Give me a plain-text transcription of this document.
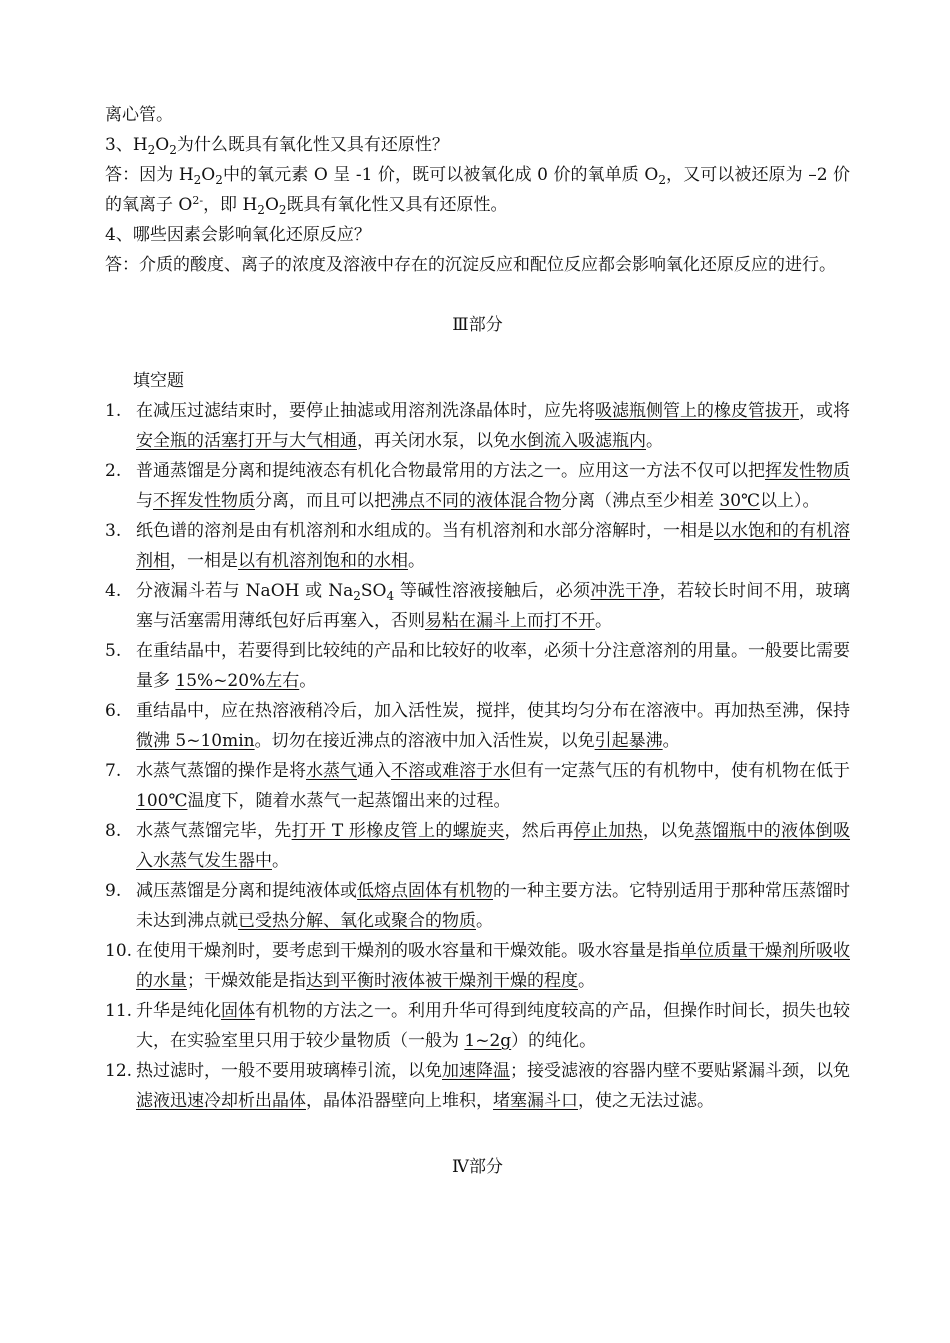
离心管。

3、$H_2O_2$为什么既具有氧化性又具有还原性？

答：因为 $H_2O_2$中的氧元素 O 呈 -1 价，既可以被氧化成 0 价的氧单质 $O_2$，又可以被还原为 –2 价的氧离子 $O^{2-}$，即 $H_2O_2$既具有氧化性又具有还原性。

4、哪些因素会影响氧化还原反应？

答：介质的酸度、离子的浓度及溶液中存在的沉淀反应和配位反应都会影响氧化还原反应的进行。

Ⅲ部分

填空题

1. 在减压过滤结束时，要停止抽滤或用溶剂洗涤晶体时，应先将吸滤瓶侧管上的橡皮管拔开，或将安全瓶的活塞打开与大气相通，再关闭水泵，以免水倒流入吸滤瓶内。
2. 普通蒸馏是分离和提纯液态有机化合物最常用的方法之一。应用这一方法不仅可以把挥发性物质与不挥发性物质分离，而且可以把沸点不同的液体混合物分离（沸点至少相差 30℃以上）。
3. 纸色谱的溶剂是由有机溶剂和水组成的。当有机溶剂和水部分溶解时，一相是以水饱和的有机溶剂相，一相是以有机溶剂饱和的水相。
4. 分液漏斗若与 NaOH 或 $Na_2SO_4$ 等碱性溶液接触后，必须冲洗干净，若较长时间不用，玻璃塞与活塞需用薄纸包好后再塞入，否则易粘在漏斗上而打不开。
5. 在重结晶中，若要得到比较纯的产品和比较好的收率，必须十分注意溶剂的用量。一般要比需要量多 15%~20%左右。
6. 重结晶中，应在热溶液稍冷后，加入活性炭，搅拌，使其均匀分布在溶液中。再加热至沸，保持微沸 5~10min。切勿在接近沸点的溶液中加入活性炭，以免引起暴沸。
7. 水蒸气蒸馏的操作是将水蒸气通入不溶或难溶于水但有一定蒸气压的有机物中，使有机物在低于 100℃温度下，随着水蒸气一起蒸馏出来的过程。
8. 水蒸气蒸馏完毕，先打开 T 形橡皮管上的螺旋夹，然后再停止加热，以免蒸馏瓶中的液体倒吸入水蒸气发生器中。
9. 减压蒸馏是分离和提纯液体或低熔点固体有机物的一种主要方法。它特别适用于那种常压蒸馏时未达到沸点就已受热分解、氧化或聚合的物质。
10. 在使用干燥剂时，要考虑到干燥剂的吸水容量和干燥效能。吸水容量是指单位质量干燥剂所吸收的水量；干燥效能是指达到平衡时液体被干燥剂干燥的程度。
11. 升华是纯化固体有机物的方法之一。利用升华可得到纯度较高的产品，但操作时间长，损失也较大，在实验室里只用于较少量物质（一般为 1~2g）的纯化。
12. 热过滤时，一般不要用玻璃棒引流，以免加速降温；接受滤液的容器内壁不要贴紧漏斗颈，以免滤液迅速冷却析出晶体，晶体沿器壁向上堆积，堵塞漏斗口，使之无法过滤。

Ⅳ部分
